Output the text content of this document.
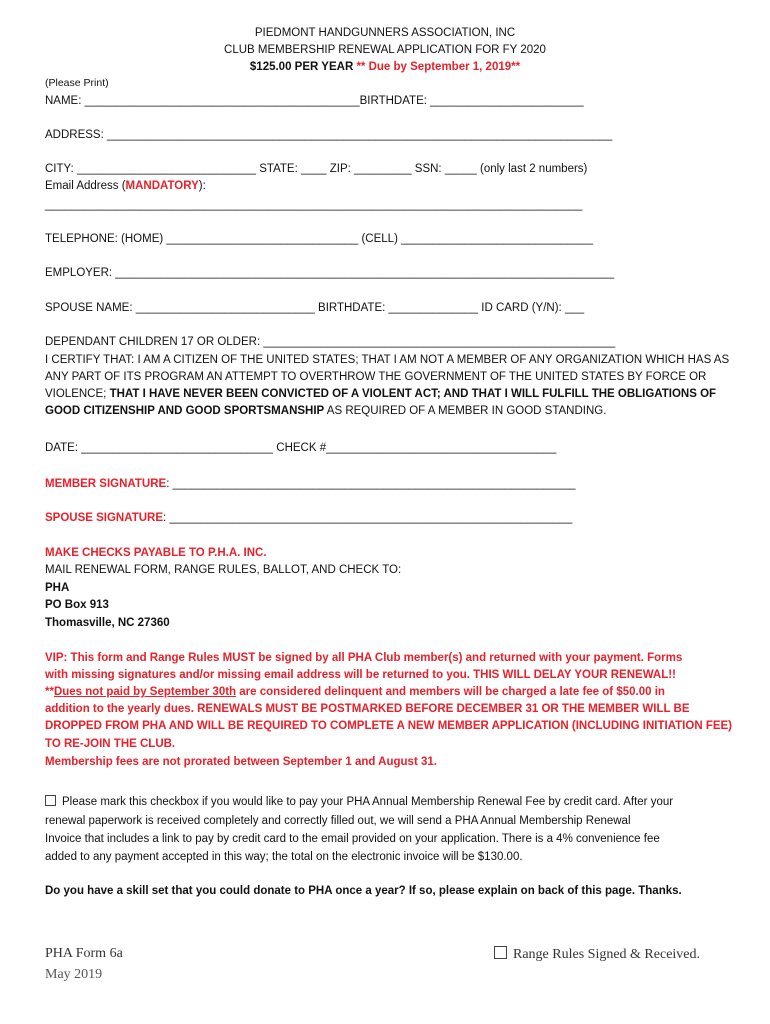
PIEDMONT HANDGUNNERS ASSOCIATION, INC
CLUB MEMBERSHIP RENEWAL APPLICATION FOR FY 2020
$125.00 PER YEAR ** Due by September 1, 2019**
(Please Print)
NAME: ___________________________________________BIRTHDATE: ________________________
ADDRESS: _______________________________________________________________________________
CITY: ____________________________ STATE: ____ ZIP: _________ SSN: _____ (only last 2 numbers)
Email Address (MANDATORY):
____________________________________________________________________________________
TELEPHONE: (HOME) ______________________________ (CELL) ______________________________
EMPLOYER: ______________________________________________________________________________
SPOUSE NAME: ____________________________ BIRTHDATE: ______________ ID CARD (Y/N): ___
DEPENDANT CHILDREN 17 OR OLDER: _______________________________________________________
I CERTIFY THAT: I AM A CITIZEN OF THE UNITED STATES; THAT I AM NOT A MEMBER OF ANY ORGANIZATION WHICH HAS AS
ANY PART OF ITS PROGRAM AN ATTEMPT TO OVERTHROW THE GOVERNMENT OF THE UNITED STATES BY FORCE OR
VIOLENCE; THAT I HAVE NEVER BEEN CONVICTED OF A VIOLENT ACT; AND THAT I WILL FULFILL THE OBLIGATIONS OF
GOOD CITIZENSHIP AND GOOD SPORTSMANSHIP AS REQUIRED OF A MEMBER IN GOOD STANDING.
DATE: ______________________________ CHECK #____________________________________
MEMBER SIGNATURE: _______________________________________________________________
SPOUSE SIGNATURE: _______________________________________________________________
MAKE CHECKS PAYABLE TO P.H.A. INC.
MAIL RENEWAL FORM, RANGE RULES, BALLOT, AND CHECK TO:
PHA
PO Box 913
Thomasville, NC 27360
VIP: This form and Range Rules MUST be signed by all PHA Club member(s) and returned with your payment. Forms
with missing signatures and/or missing email address will be returned to you. THIS WILL DELAY YOUR RENEWAL!!
**Dues not paid by September 30th are considered delinquent and members will be charged a late fee of $50.00 in
addition to the yearly dues. RENEWALS MUST BE POSTMARKED BEFORE DECEMBER 31 OR THE MEMBER WILL BE
DROPPED FROM PHA AND WILL BE REQUIRED TO COMPLETE A NEW MEMBER APPLICATION (INCLUDING INITIATION FEE)
TO RE-JOIN THE CLUB.
Membership fees are not prorated between September 1 and August 31.
Please mark this checkbox if you would like to pay your PHA Annual Membership Renewal Fee by credit card. After your
renewal paperwork is received completely and correctly filled out, we will send a PHA Annual Membership Renewal
Invoice that includes a link to pay by credit card to the email provided on your application. There is a 4% convenience fee
added to any payment accepted in this way; the total on the electronic invoice will be $130.00.
Do you have a skill set that you could donate to PHA once a year? If so, please explain on back of this page. Thanks.
PHA Form 6a
May 2019
Range Rules Signed & Received.
